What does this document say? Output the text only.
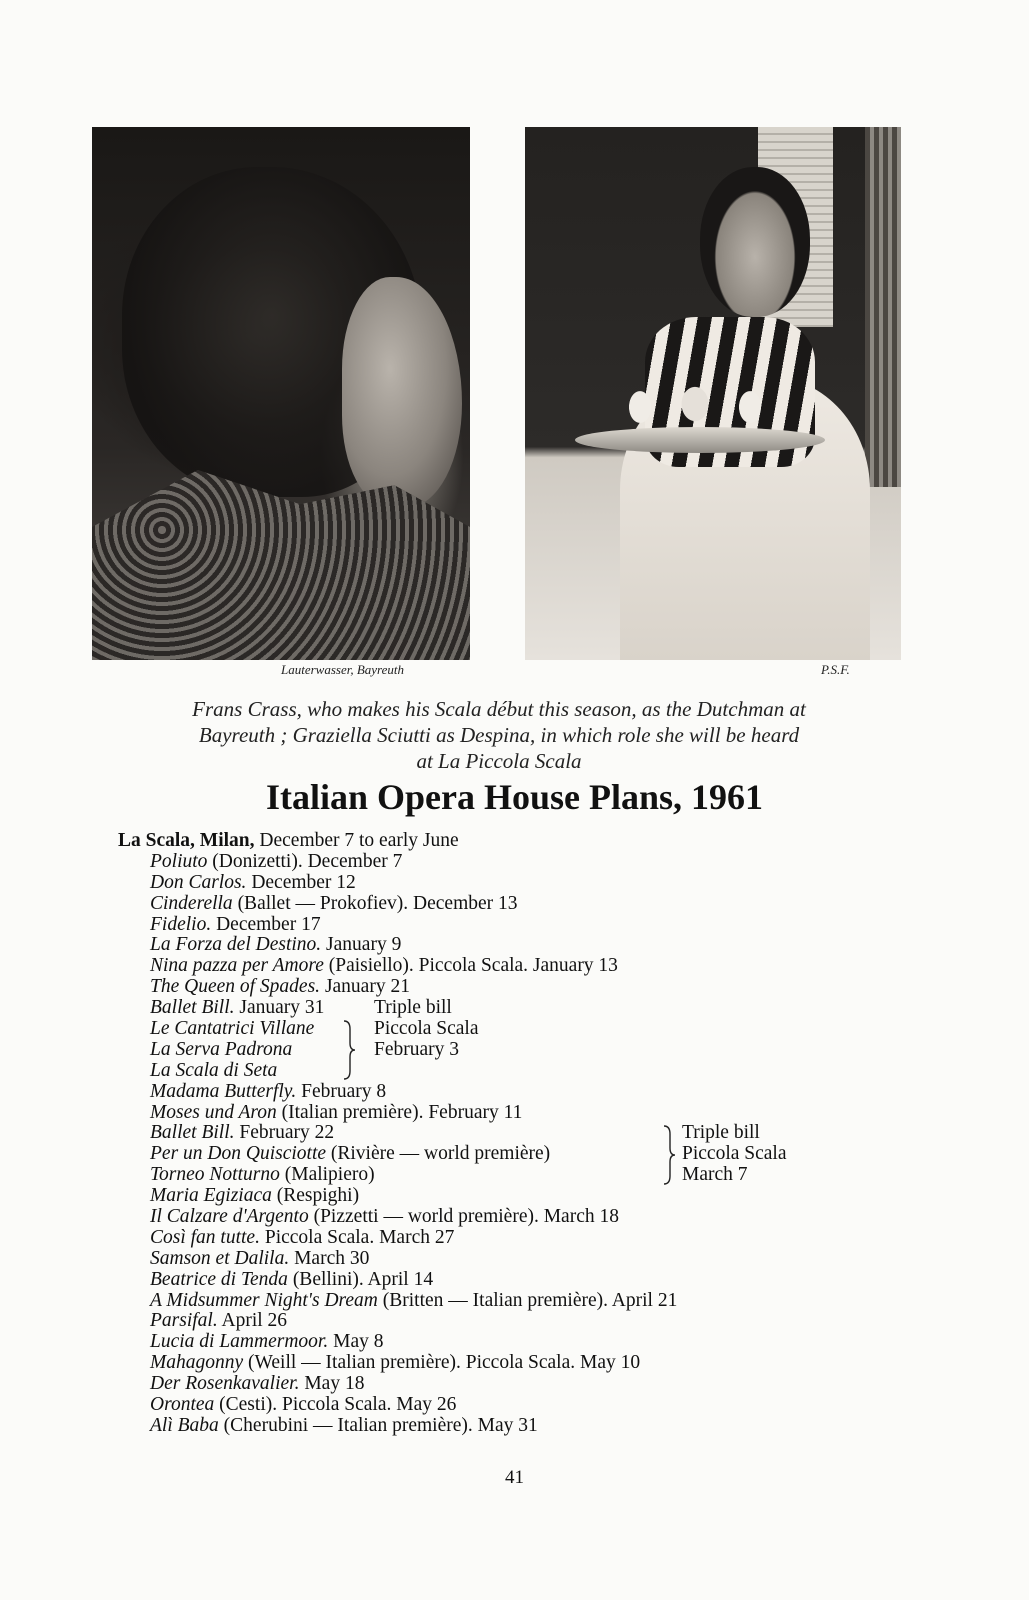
Lauterwasser, Bayreuth	P.S.F.

Frans Crass, who makes his Scala début this season, as the Dutchman at
Bayreuth ; Graziella Sciutti as Despina, in which role she will be heard
at La Piccola Scala

Italian Opera House Plans, 1961
La Scala, Milan,
December 7 to early June
Poliuto (Donizetti). December 7
Don Carlos. December 12
Cinderella (Ballet — Prokofiev). December 13
Fidelio. December 17
La Forza del Destino. January 9
Nina pazza per Amore (Paisiello). Piccola Scala. January 13
The Queen of Spades. January 21
Ballet Bill. January 31
Le Cantatrici Villane
La Serva Padrona
La Scala di Seta
Madama Butterfly. February 8
Moses und Aron (Italian première). February 11
Ballet Bill. February 22
Per un Don Quisciotte (Rivière — world première)
Torneo Notturno (Malipiero)
Maria Egiziaca (Respighi)
Il Calzare d'Argento (Pizzetti — world première). March 18
Così fan tutte. Piccola Scala. March 27
Samson et Dalila. March 30
Beatrice di Tenda (Bellini). April 14
A Midsummer Night's Dream (Britten — Italian première). April 21
Parsifal. April 26
Lucia di Lammermoor. May 8
Mahagonny (Weill — Italian première). Piccola Scala. May 10
Der Rosenkavalier. May 18
Orontea (Cesti). Piccola Scala. May 26
Alì Baba (Cherubini — Italian première). May 31
Triple bill
Piccola Scala
February 3
Triple bill
Piccola Scala
March 7
41
